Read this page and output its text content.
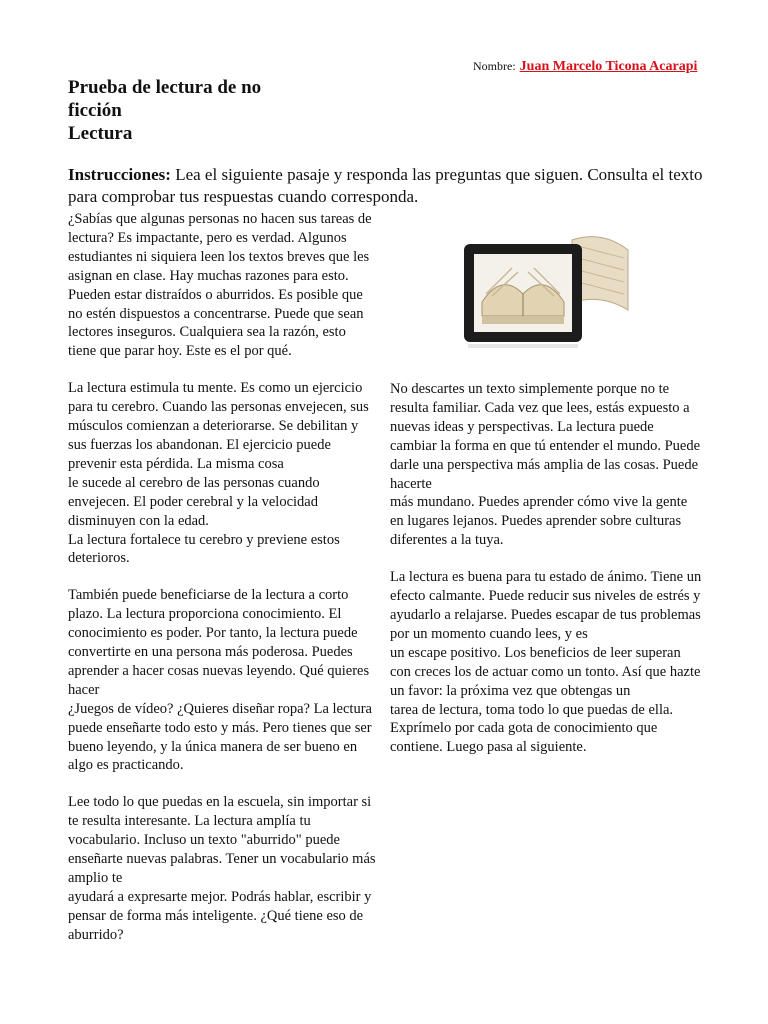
Nombre: Juan Marcelo Ticona Acarapi
Prueba de lectura de no
ficción
Lectura

Instrucciones: Lea el siguiente pasaje y responda las preguntas que siguen. Consulta el texto para comprobar tus respuestas cuando corresponda.

¿Sabías que algunas personas no hacen sus tareas de lectura? Es impactante, pero es verdad. Algunos estudiantes ni siquiera leen los textos breves que les asignan en clase. Hay muchas razones para esto. Pueden estar distraídos o aburridos. Es posible que no estén dispuestos a concentrarse. Puede que sean lectores inseguros. Cualquiera sea la razón, esto tiene que parar hoy. Este es el por qué.

La lectura estimula tu mente. Es como un ejercicio para tu cerebro. Cuando las personas envejecen, sus músculos comienzan a deteriorarse. Se debilitan y sus fuerzas los abandonan. El ejercicio puede prevenir esta pérdida. La misma cosa
le sucede al cerebro de las personas cuando envejecen. El poder cerebral y la velocidad disminuyen con la edad.
La lectura fortalece tu cerebro y previene estos deterioros.

También puede beneficiarse de la lectura a corto plazo. La lectura proporciona conocimiento. El conocimiento es poder. Por tanto, la lectura puede convertirte en una persona más poderosa. Puedes aprender a hacer cosas nuevas leyendo. Qué quieres hacer
¿Juegos de vídeo? ¿Quieres diseñar ropa? La lectura puede enseñarte todo esto y más. Pero tienes que ser bueno leyendo, y la única manera de ser bueno en algo es practicando.

Lee todo lo que puedas en la escuela, sin importar si te resulta interesante. La lectura amplía tu vocabulario. Incluso un texto "aburrido" puede enseñarte nuevas palabras. Tener un vocabulario más amplio te
ayudará a expresarte mejor. Podrás hablar, escribir y pensar de forma más inteligente. ¿Qué tiene eso de aburrido?

No descartes un texto simplemente porque no te resulta familiar. Cada vez que lees, estás expuesto a nuevas ideas y perspectivas. La lectura puede cambiar la forma en que tú entender el mundo. Puede darle una perspectiva más amplia de las cosas. Puede hacerte
más mundano. Puedes aprender cómo vive la gente en lugares lejanos. Puedes aprender sobre culturas diferentes a la tuya.

La lectura es buena para tu estado de ánimo. Tiene un efecto calmante. Puede reducir sus niveles de estrés y ayudarlo a relajarse. Puedes escapar de tus problemas por un momento cuando lees, y es
un escape positivo. Los beneficios de leer superan con creces los de actuar como un tonto. Así que hazte un favor: la próxima vez que obtengas un
tarea de lectura, toma todo lo que puedas de ella. Exprímelo por cada gota de conocimiento que contiene. Luego pasa al siguiente.
